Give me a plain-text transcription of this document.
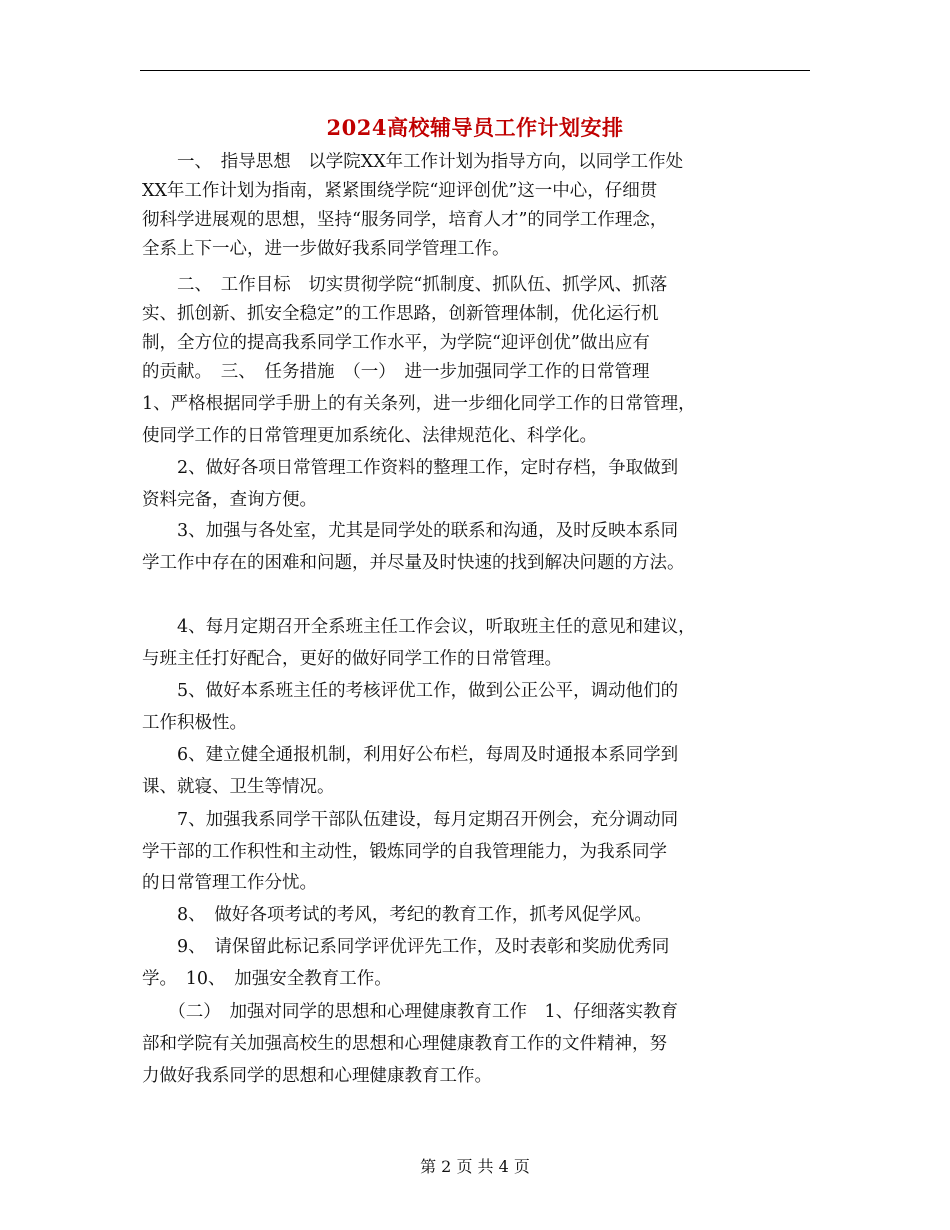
2024高校辅导员工作计划安排
　　一、　指导思想　以学院XX年工作计划为指导方向，以同学工作处
XX年工作计划为指南，紧紧围绕学院“迎评创优”这一中心，仔细贯
彻科学进展观的思想，坚持“服务同学，培育人才”的同学工作理念，
全系上下一心，进一步做好我系同学管理工作。
　　二、　工作目标　切实贯彻学院“抓制度、抓队伍、抓学风、抓落
实、抓创新、抓安全稳定”的工作思路，创新管理体制，优化运行机
制，全方位的提高我系同学工作水平，为学院“迎评创优”做出应有
的贡献。　三、　任务措施　（一）　进一步加强同学工作的日常管理
1、严格根据同学手册上的有关条列，进一步细化同学工作的日常管理，
使同学工作的日常管理更加系统化、法律规范化、科学化。
　　2、做好各项日常管理工作资料的整理工作，定时存档，争取做到
资料完备，查询方便。
　　3、加强与各处室，尤其是同学处的联系和沟通，及时反映本系同
学工作中存在的困难和问题，并尽量及时快速的找到解决问题的方法。
　　4、每月定期召开全系班主任工作会议，听取班主任的意见和建议，
与班主任打好配合，更好的做好同学工作的日常管理。
　　5、做好本系班主任的考核评优工作，做到公正公平，调动他们的
工作积极性。
　　6、建立健全通报机制，利用好公布栏，每周及时通报本系同学到
课、就寝、卫生等情况。
　　7、加强我系同学干部队伍建设，每月定期召开例会，充分调动同
学干部的工作积性和主动性，锻炼同学的自我管理能力，为我系同学
的日常管理工作分忧。
　　8、　做好各项考试的考风，考纪的教育工作，抓考风促学风。
　　9、　请保留此标记系同学评优评先工作，及时表彰和奖励优秀同
学。　10、　加强安全教育工作。
　　（二）　加强对同学的思想和心理健康教育工作　1、仔细落实教育
部和学院有关加强高校生的思想和心理健康教育工作的文件精神，努
力做好我系同学的思想和心理健康教育工作。
第 2 页 共 4 页
